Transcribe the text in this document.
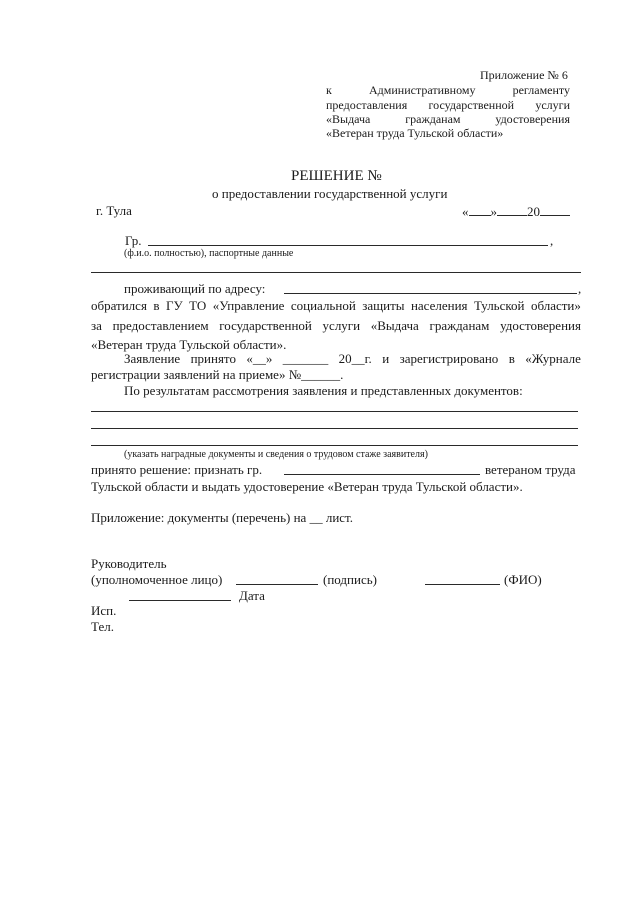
Приложение № 6
к	Административному	регламенту
предоставления государственной услуги
«Выдача	гражданам	удостоверения
«Ветеран труда Тульской области»
РЕШЕНИЕ №
о предоставлении государственной услуги
г. Тула	« » 20
Гр.	,
(ф.и.о. полностью), паспортные данные
проживающий по адресу:	,
обратился в ГУ ТО «Управление социальной защиты населения Тульской области»
за предоставлением государственной услуги «Выдача гражданам удостоверения
«Ветеран труда Тульской области».
Заявление принято «__» _______ 20__г. и зарегистрировано в «Журнале
регистрации заявлений на приеме» №______.
По результатам рассмотрения заявления и представленных документов:
(указать наградные документы и сведения о трудовом стаже заявителя)
принято решение: признать гр.	ветераном труда
Тульской области и выдать удостоверение «Ветеран труда Тульской области».
Приложение: документы (перечень) на __ лист.
Руководитель
(уполномоченное лицо)	(подпись)	(ФИО)
Дата
Исп.
Тел.
